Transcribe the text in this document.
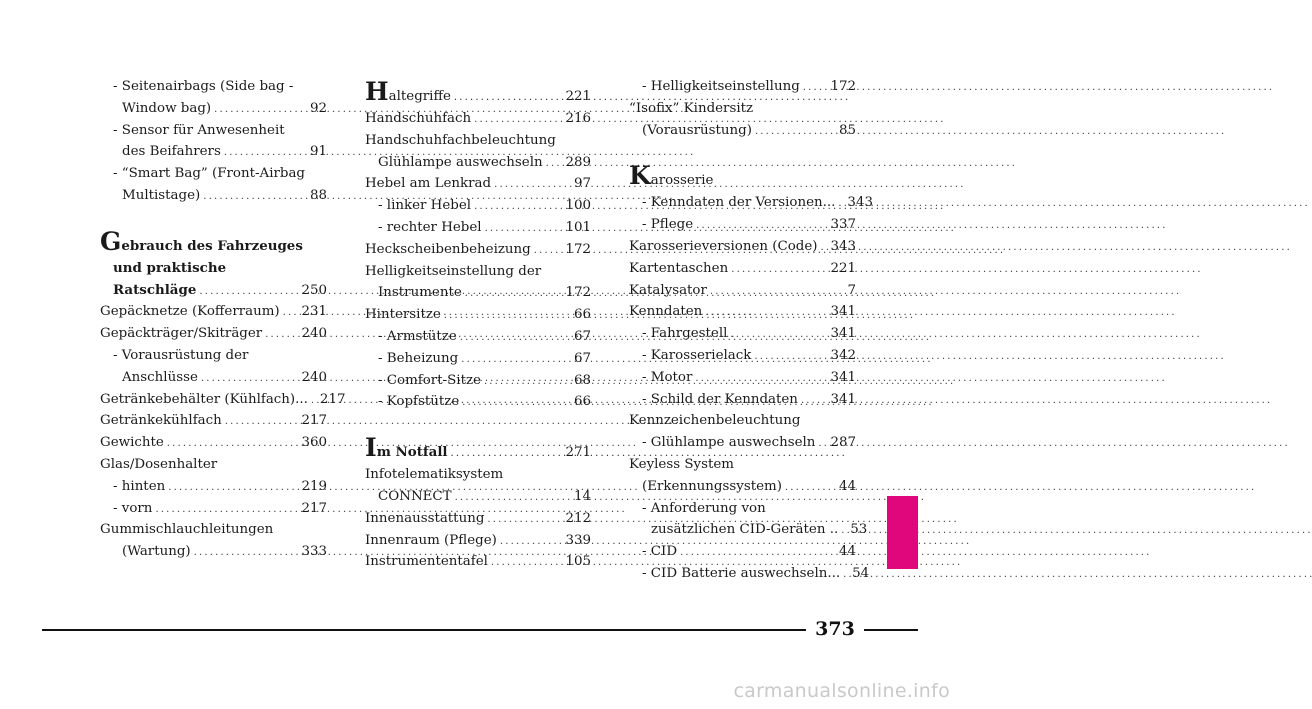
- Seitenairbags (Side bag -
Window bag) . . .	92
- Sensor für Anwesenheit
des Beifahrers . . .	91
- “Smart Bag” (Front-Airbag
Multistage) . . .	88
G ebrauch des Fahrzeuges
und praktische
Ratschläge . . .	250
Gepäcknetze (Kofferraum) . . . 231
Gepäckträger/Skiträger . . .	240
- Vorausrüstung der
Anschlüsse . . .	240
Getränkebehälter (Kühlfach)... . . . 217
Getränkekühlfach . . .	217
Gewichte . . .	360
Glas/Dosenhalter
- hinten . . .	219
- vorn . . .	217
Gummischlauchleitungen
(Wartung) . . .	333
H altegriffe . . .	221
Handschuhfach . . .	216
Handschuhfachbeleuchtung
Glühlampe auswechseln . . . 289
Hebel am Lenkrad . . .	97
- linker Hebel . . .	100
- rechter Hebel . . .	101
Heckscheibenbeheizung . . .	172
Helligkeitseinstellung der
Instrumente . . .	172
Hintersitze . . .	66
- Armstütze . . .	67
- Beheizung . . .	67
- Comfort-Sitze . . .	68
- Kopfstütze . . .	66
I m Notfall . . .	271
Infotelematiksystem
CONNECT . . .	14
Innenausstattung . . .	212
Innenraum (Pflege) . . .	339
Instrumententafel . . .	105
- Helligkeitseinstellung . . . 172
“Isofix” Kindersitz
(Vorausrüstung) . . .	85
K arosserie
- Kenndaten der Versionen... . . . 343
- Pflege . . .	337
Karosserieversionen (Code) . . . 343
Kartentaschen . . .	221
Katalysator . . .	7
Kenndaten . . .	341
- Fahrgestell . . .	341
- Karosserielack . . .	342
- Motor . . .	341
- Schild der Kenndaten . . . 341
Kennzeichenbeleuchtung
- Glühlampe auswechseln . . . 287
Keyless System
(Erkennungssystem) . . .	44
- Anforderung von
zusätzlichen CID-Geräten .. . . . 53
- CID . . .	44
- CID Batterie auswechseln... . . . 54
373
carmanualsonline.info
